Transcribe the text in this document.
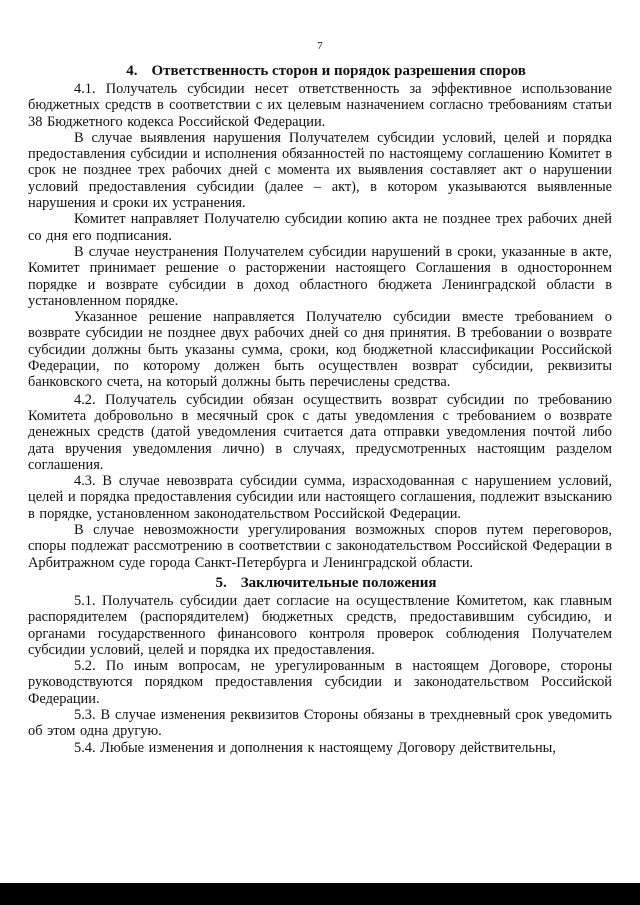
7
4. Ответственность сторон и порядок разрешения споров

4.1. Получатель субсидии несет ответственность за эффективное использование бюджетных средств в соответствии с их целевым назначением согласно требованиям статьи 38 Бюджетного кодекса Российской Федерации.

В случае выявления нарушения Получателем субсидии условий, целей и порядка предоставления субсидии и исполнения обязанностей по настоящему соглашению Комитет в срок не позднее трех рабочих дней с момента их выявления составляет акт о нарушении условий предоставления субсидии (далее – акт), в котором указываются выявленные нарушения и сроки их устранения.

Комитет направляет Получателю субсидии копию акта не позднее трех рабочих дней со дня его подписания.

В случае неустранения Получателем субсидии нарушений в сроки, указанные в акте, Комитет принимает решение о расторжении настоящего Соглашения в одностороннем порядке и возврате субсидии в доход областного бюджета Ленинградской области в установленном порядке.

Указанное решение направляется Получателю субсидии вместе требованием о возврате субсидии не позднее двух рабочих дней со дня принятия. В требовании о возврате субсидии должны быть указаны сумма, сроки, код бюджетной классификации Российской Федерации, по которому должен быть осуществлен возврат субсидии, реквизиты банковского счета, на который должны быть перечислены средства.

4.2. Получатель субсидии обязан осуществить возврат субсидии по требованию Комитета добровольно в месячный срок с даты уведомления с требованием о возврате денежных средств (датой уведомления считается дата отправки уведомления почтой либо дата вручения уведомления лично) в случаях, предусмотренных настоящим разделом соглашения.

4.3. В случае невозврата субсидии сумма, израсходованная с нарушением условий, целей и порядка предоставления субсидии или настоящего соглашения, подлежит взысканию в порядке, установленном законодательством Российской Федерации.

В случае невозможности урегулирования возможных споров путем переговоров, споры подлежат рассмотрению в соответствии с законодательством Российской Федерации в Арбитражном суде города Санкт-Петербурга и Ленинградской области.

5. Заключительные положения

5.1. Получатель субсидии дает согласие на осуществление Комитетом, как главным распорядителем (распорядителем) бюджетных средств, предоставившим субсидию, и органами государственного финансового контроля проверок соблюдения Получателем субсидии условий, целей и порядка их предоставления.

5.2. По иным вопросам, не урегулированным в настоящем Договоре, стороны руководствуются порядком предоставления субсидии и законодательством Российской Федерации.

5.3. В случае изменения реквизитов Стороны обязаны в трехдневный срок уведомить об этом одна другую.

5.4. Любые изменения и дополнения к настоящему Договору действительны,
